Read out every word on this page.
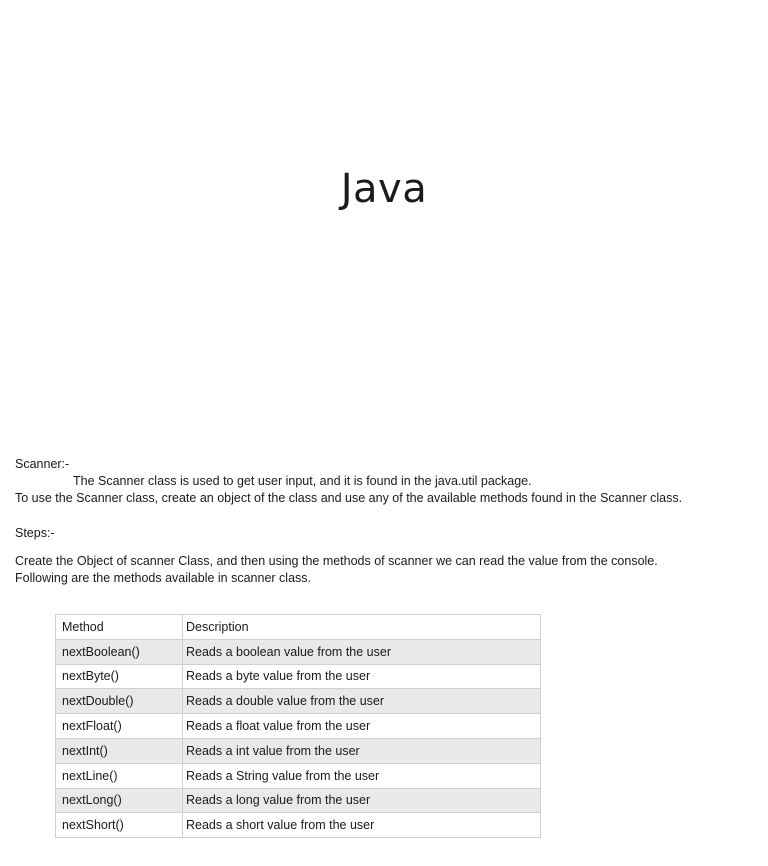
Java
Scanner:-
The Scanner class is used to get user input, and it is found in the java.util package.
To use the Scanner class, create an object of the class and use any of the available methods found in the Scanner class.
Steps:-
Create the Object of scanner Class, and then using the methods of scanner we can read the value from the console.
Following are the methods available in scanner class.
Method	Description
nextBoolean()	Reads a boolean value from the user
nextByte()	Reads a byte value from the user
nextDouble()	Reads a double value from the user
nextFloat()	Reads a float value from the user
nextInt()	Reads a int value from the user
nextLine()	Reads a String value from the user
nextLong()	Reads a long value from the user
nextShort()	Reads a short value from the user
